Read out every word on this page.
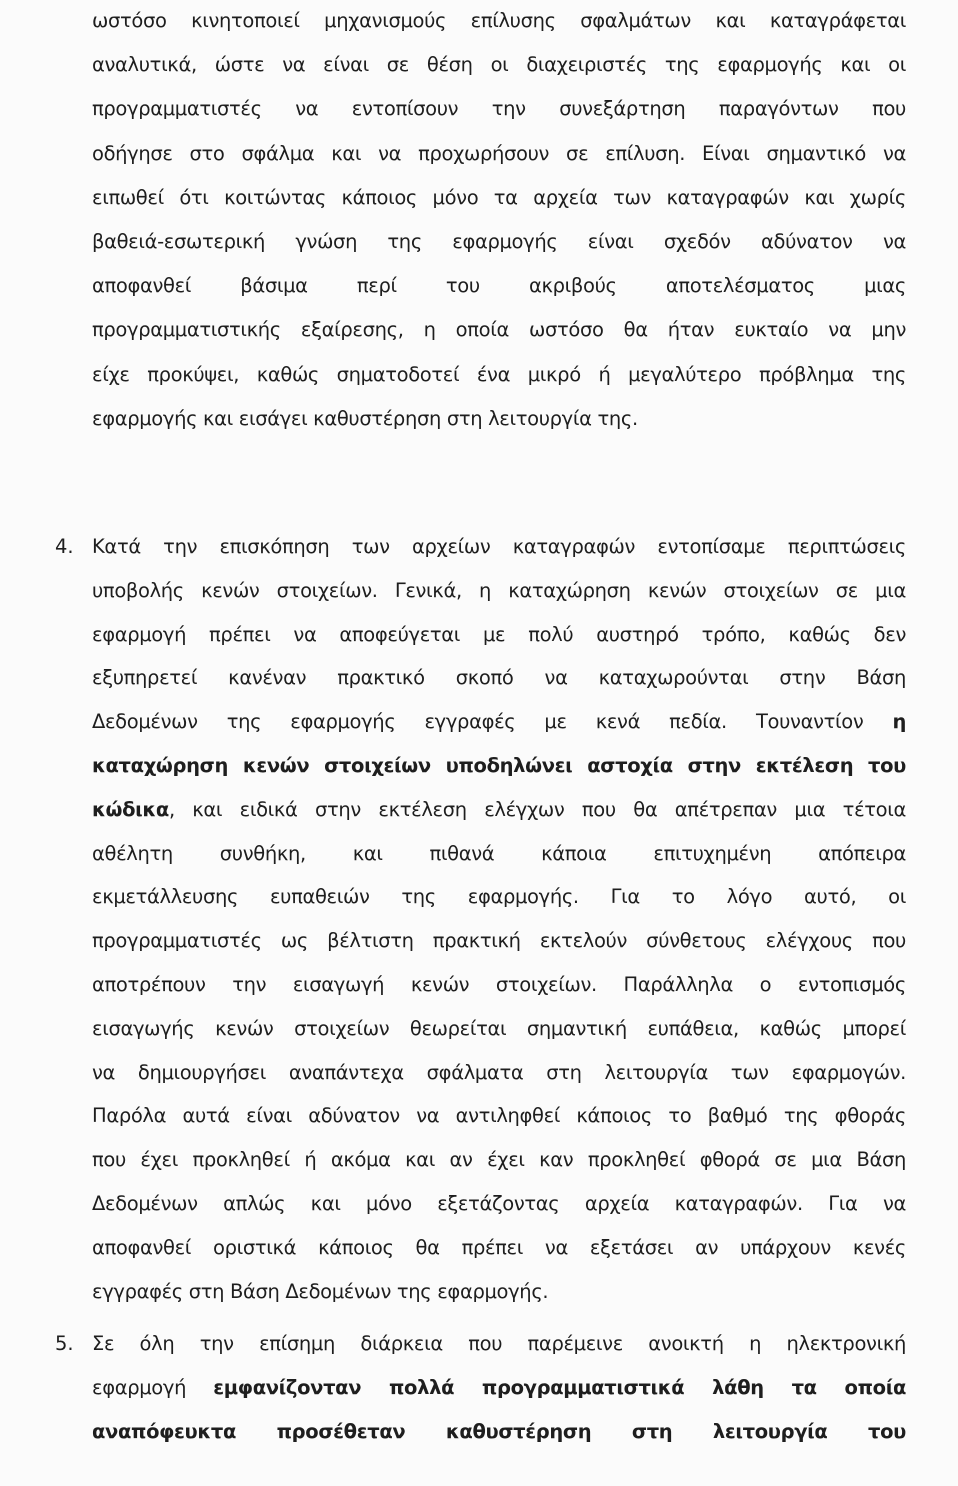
ωστόσο κινητοποιεί μηχανισμούς επίλυσης σφαλμάτων και καταγράφεται
αναλυτικά, ώστε να είναι σε θέση οι διαχειριστές της εφαρμογής και οι
προγραμματιστές να εντοπίσουν την συνεξάρτηση παραγόντων που
οδήγησε στο σφάλμα και να προχωρήσουν σε επίλυση. Είναι σημαντικό να
ειπωθεί ότι κοιτώντας κάποιος μόνο τα αρχεία των καταγραφών και χωρίς
βαθειά-εσωτερική γνώση της εφαρμογής είναι σχεδόν αδύνατον να
αποφανθεί βάσιμα περί του ακριβούς αποτελέσματος μιας
προγραμματιστικής εξαίρεσης, η οποία ωστόσο θα ήταν ευκταίο να μην
είχε προκύψει, καθώς σηματοδοτεί ένα μικρό ή μεγαλύτερο πρόβλημα της
εφαρμογής και εισάγει καθυστέρηση στη λειτουργία της.
4. Κατά την επισκόπηση των αρχείων καταγραφών εντοπίσαμε περιπτώσεις
υποβολής κενών στοιχείων. Γενικά, η καταχώρηση κενών στοιχείων σε μια
εφαρμογή πρέπει να αποφεύγεται με πολύ αυστηρό τρόπο, καθώς δεν
εξυπηρετεί κανέναν πρακτικό σκοπό να καταχωρούνται στην Βάση
Δεδομένων της εφαρμογής εγγραφές με κενά πεδία. Τουναντίον η
καταχώρηση κενών στοιχείων υποδηλώνει αστοχία στην εκτέλεση του
κώδικα, και ειδικά στην εκτέλεση ελέγχων που θα απέτρεπαν μια τέτοια
αθέλητη συνθήκη, και πιθανά κάποια επιτυχημένη απόπειρα
εκμετάλλευσης ευπαθειών της εφαρμογής. Για το λόγο αυτό, οι
προγραμματιστές ως βέλτιστη πρακτική εκτελούν σύνθετους ελέγχους που
αποτρέπουν την εισαγωγή κενών στοιχείων. Παράλληλα ο εντοπισμός
εισαγωγής κενών στοιχείων θεωρείται σημαντική ευπάθεια, καθώς μπορεί
να δημιουργήσει αναπάντεχα σφάλματα στη λειτουργία των εφαρμογών.
Παρόλα αυτά είναι αδύνατον να αντιληφθεί κάποιος το βαθμό της φθοράς
που έχει προκληθεί ή ακόμα και αν έχει καν προκληθεί φθορά σε μια Βάση
Δεδομένων απλώς και μόνο εξετάζοντας αρχεία καταγραφών. Για να
αποφανθεί οριστικά κάποιος θα πρέπει να εξετάσει αν υπάρχουν κενές
εγγραφές στη Βάση Δεδομένων της εφαρμογής.
5. Σε όλη την επίσημη διάρκεια που παρέμεινε ανοικτή η ηλεκτρονική
εφαρμογή εμφανίζονταν πολλά προγραμματιστικά λάθη τα οποία
αναπόφευκτα προσέθεταν καθυστέρηση στη λειτουργία του
